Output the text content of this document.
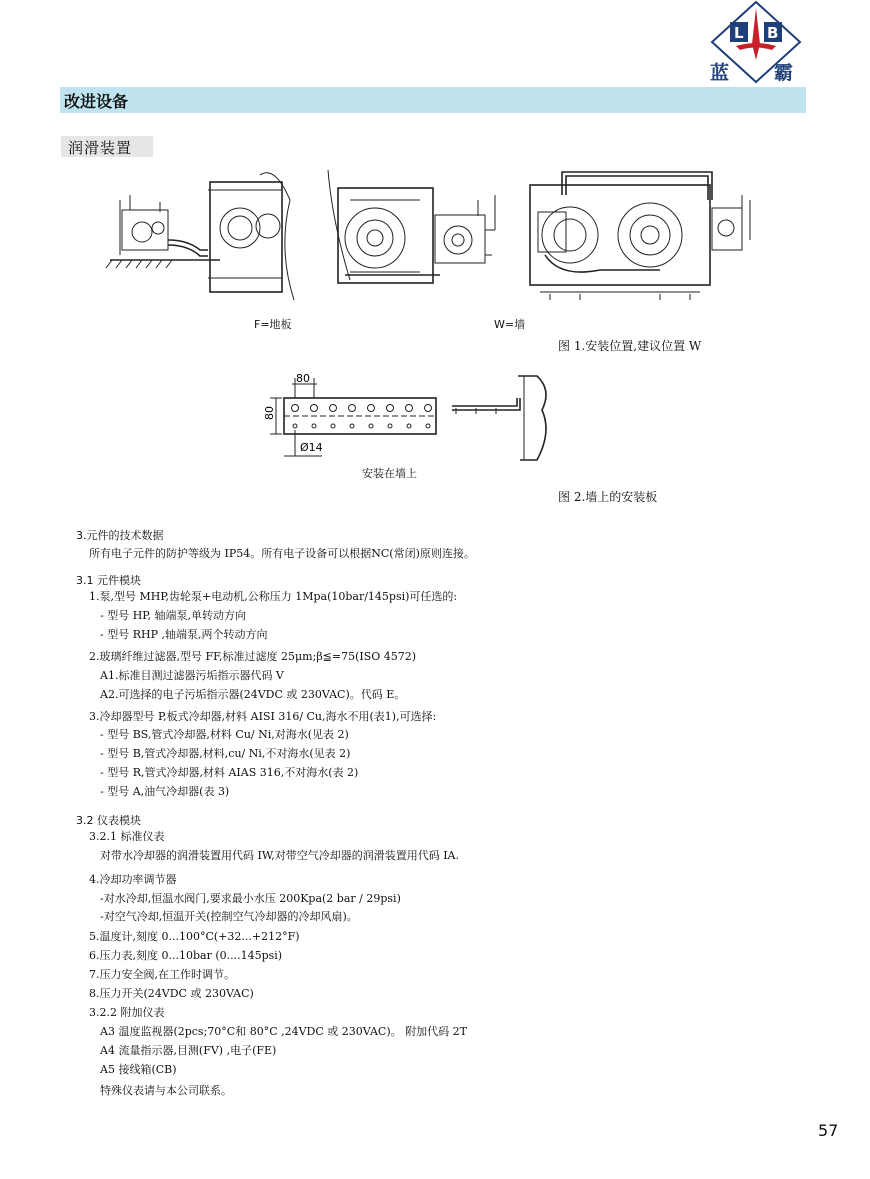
L B
蓝 霸
改进设备
润滑装置
F=地板	W=墙
图 1.安装位置,建议位置 W
80
80
Ø14
安装在墙上
图 2.墙上的安装板
3.元件的技术数据
所有电子元件的防护等级为 IP54。所有电子设备可以根据NC(常闭)原则连接。
3.1 元件模块
1.泵,型号 MHP,齿轮泵+电动机,公称压力 1Mpa(10bar/145psi)可任选的:
- 型号 HP, 轴端泵,单转动方向
- 型号 RHP ,轴端泵,两个转动方向
2.玻璃纤维过滤器,型号 FF,标准过滤度 25μm;β≦=75(ISO 4572)
A1.标准目测过滤器污垢指示器代码 V
A2.可选择的电子污垢指示器(24VDC 或 230VAC)。代码 E。
3.冷却器型号 P,板式冷却器,材料 AISI 316/ Cu,海水不用(表1),可选择:
- 型号 BS,管式冷却器,材料 Cu/ Ni,对海水(见表 2)
- 型号 B,管式冷却器,材料,cu/ Ni,不对海水(见表 2)
- 型号 R,管式冷却器,材料 AIAS 316,不对海水(表 2)
- 型号 A,油气冷却器(表 3)
3.2 仪表模块
3.2.1 标准仪表
对带水冷却器的润滑装置用代码 IW,对带空气冷却器的润滑装置用代码 IA.
4.冷却功率调节器
-对水冷却,恒温水阀门,要求最小水压 200Kpa(2 bar / 29psi)
-对空气冷却,恒温开关(控制空气冷却器的冷却风扇)。
5.温度计,刻度 0...100°C(+32...+212°F)
6.压力表,刻度 0...10bar (0....145psi)
7.压力安全阀,在工作时调节。
8.压力开关(24VDC 或 230VAC)
3.2.2 附加仪表
A3 温度监视器(2pcs;70°C和 80°C ,24VDC 或 230VAC)。 附加代码 2T
A4 流量指示器,目测(FV) ,电子(FE)
A5 接线箱(CB)
特殊仪表请与本公司联系。
57
